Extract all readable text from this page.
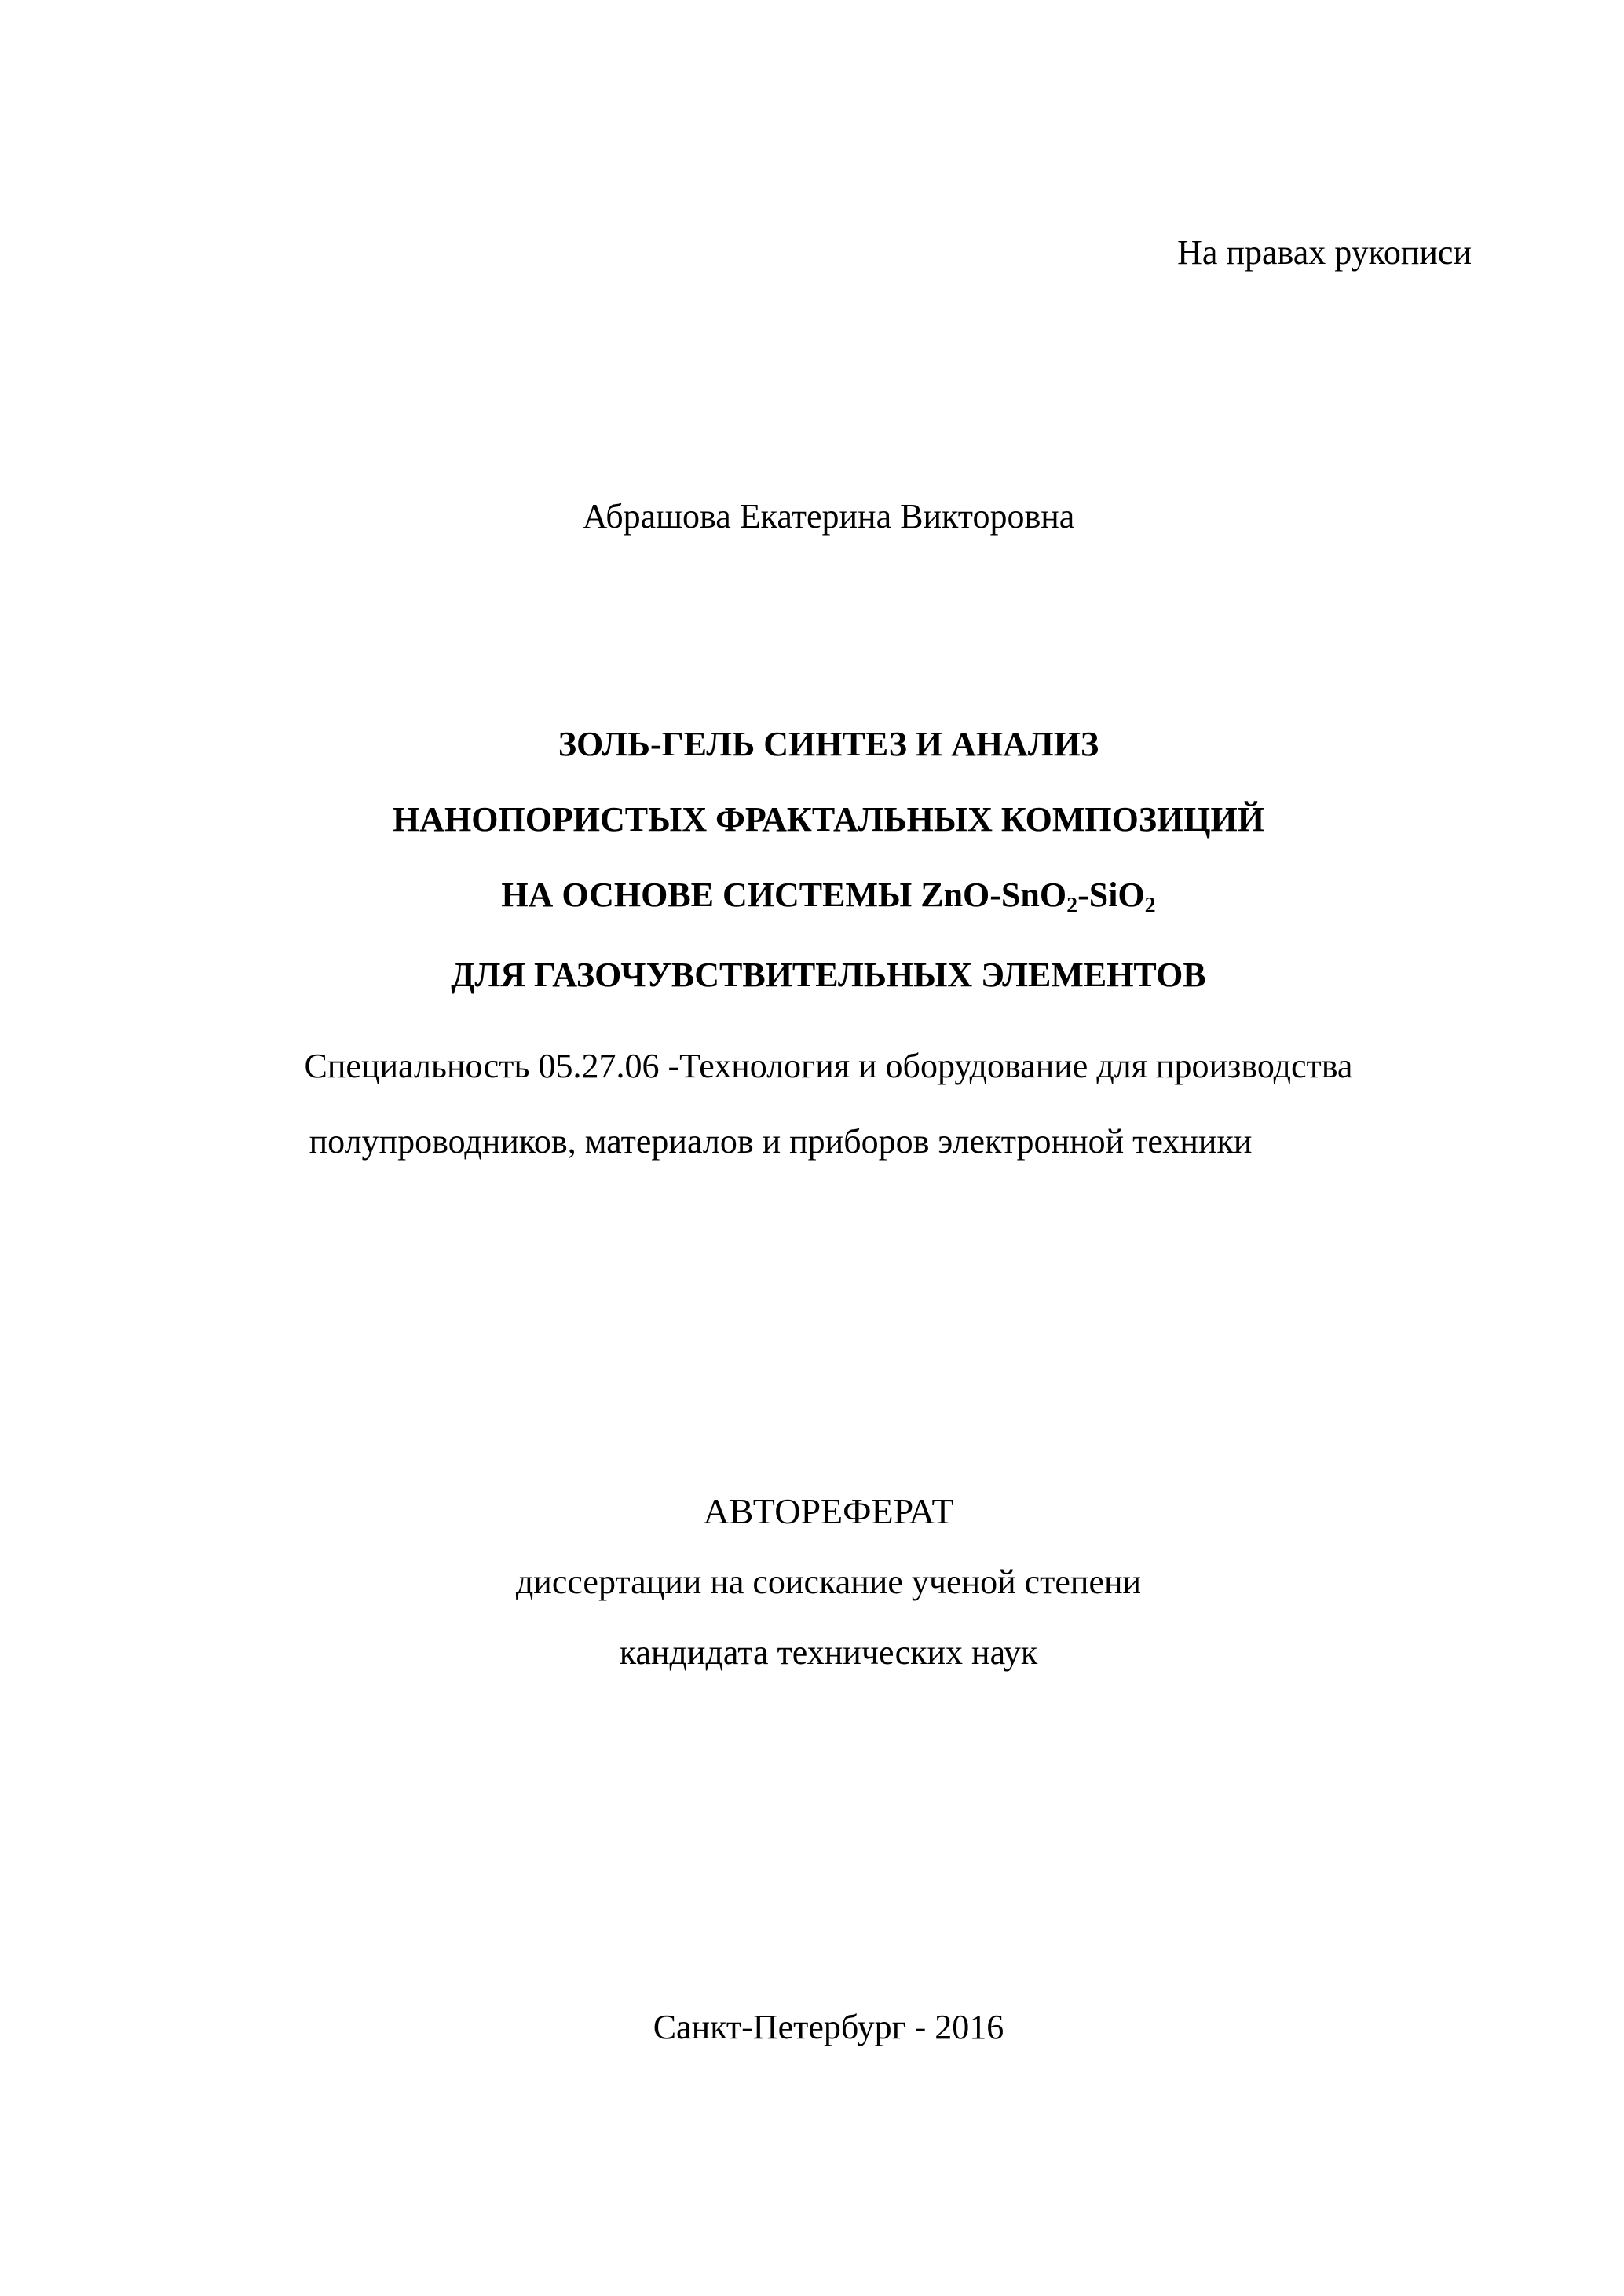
На правах рукописи
Абрашова Екатерина Викторовна
ЗОЛЬ-ГЕЛЬ СИНТЕЗ И АНАЛИЗ
НАНОПОРИСТЫХ ФРАКТАЛЬНЫХ КОМПОЗИЦИЙ
НА ОСНОВЕ СИСТЕМЫ ZnO-SnO$_2$-SiO$_2$
ДЛЯ ГАЗОЧУВСТВИТЕЛЬНЫХ ЭЛЕМЕНТОВ
Специальность 05.27.06 -Технология и оборудование для производства
полупроводников, материалов и приборов электронной техники
АВТОРЕФЕРАТ
диссертации на соискание ученой степени
кандидата технических наук
Санкт-Петербург - 2016
